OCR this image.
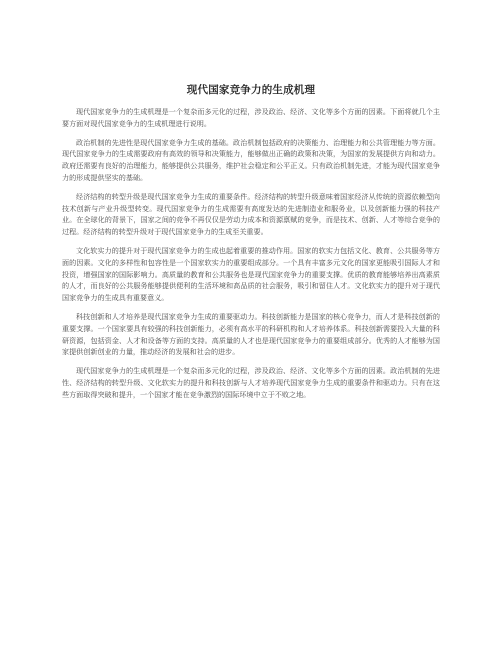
现代国家竞争力的生成机理

现代国家竞争力的生成机理是一个复杂而多元化的过程，涉及政治、经济、文化等多个方面的因素。下面将就几个主要方面对现代国家竞争力的生成机理进行说明。

政治机制的先进性是现代国家竞争力生成的基础。政治机制包括政府的决策能力、治理能力和公共管理能力等方面。现代国家竞争力的生成需要政府有高效的领导和决策能力，能够做出正确的政策和决策，为国家的发展提供方向和动力。政府还需要有良好的治理能力，能够提供公共服务，维护社会稳定和公平正义。只有政治机制先进，才能为现代国家竞争力的形成提供坚实的基础。

经济结构的转型升级是现代国家竞争力生成的重要条件。经济结构的转型升级意味着国家经济从传统的资源依赖型向技术创新与产业升级型转变。现代国家竞争力的生成需要有高度发达的先进制造业和服务业，以及创新能力强的科技产业。在全球化的背景下，国家之间的竞争不再仅仅是劳动力成本和资源禀赋的竞争，而是技术、创新、人才等综合竞争的过程。经济结构的转型升级对于现代国家竞争力的生成至关重要。

文化软实力的提升对于现代国家竞争力的生成也起着重要的推动作用。国家的软实力包括文化、教育、公共服务等方面的因素。文化的多样性和包容性是一个国家软实力的重要组成部分。一个具有丰富多元文化的国家更能吸引国际人才和投资，增强国家的国际影响力。高质量的教育和公共服务也是现代国家竞争力的重要支撑。优质的教育能够培养出高素质的人才，而良好的公共服务能够提供便利的生活环境和高品质的社会服务，吸引和留住人才。文化软实力的提升对于现代国家竞争力的生成具有重要意义。

科技创新和人才培养是现代国家竞争力生成的重要驱动力。科技创新能力是国家的核心竞争力，而人才是科技创新的重要支撑。一个国家要具有较强的科技创新能力，必须有高水平的科研机构和人才培养体系。科技创新需要投入大量的科研资源，包括资金、人才和设备等方面的支持。高质量的人才也是现代国家竞争力的重要组成部分。优秀的人才能够为国家提供创新创业的力量，推动经济的发展和社会的进步。

现代国家竞争力的生成机理是一个复杂而多元化的过程，涉及政治、经济、文化等多个方面的因素。政治机制的先进性、经济结构的转型升级、文化软实力的提升和科技创新与人才培养现代国家竞争力生成的重要条件和驱动力。只有在这些方面取得突破和提升，一个国家才能在竞争激烈的国际环境中立于不败之地。
